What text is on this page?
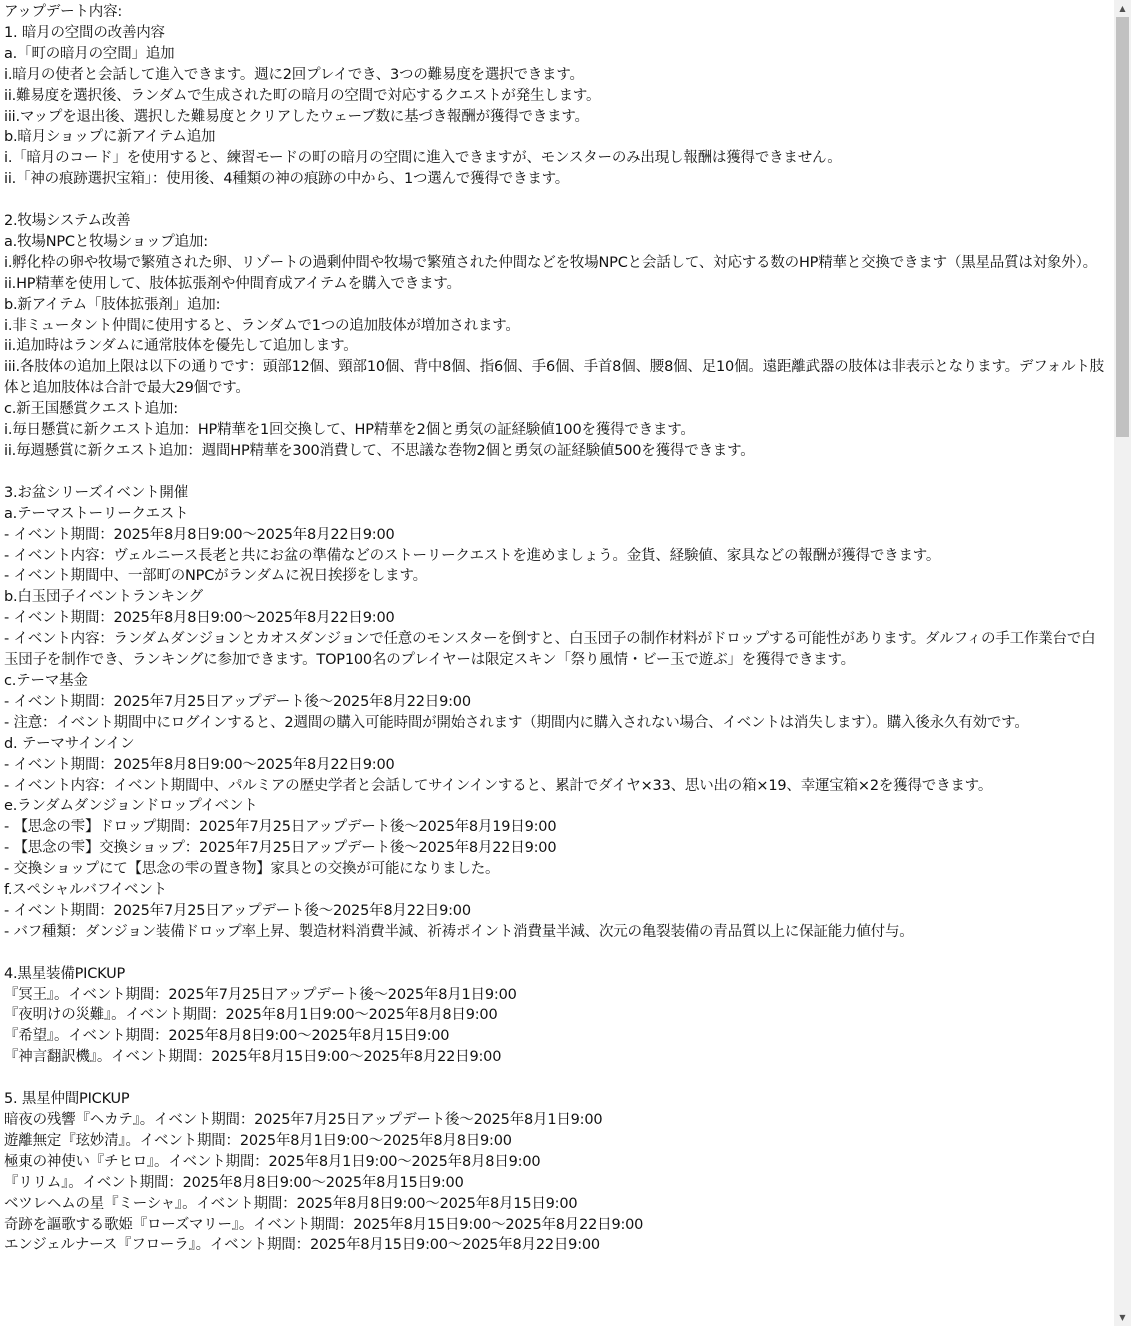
アップデート内容:
1. 暗月の空間の改善内容
a.「町の暗月の空間」追加
i.暗月の使者と会話して進入できます。週に2回プレイでき、3つの難易度を選択できます。
ii.難易度を選択後、ランダムで生成された町の暗月の空間で対応するクエストが発生します。
iii.マップを退出後、選択した難易度とクリアしたウェーブ数に基づき報酬が獲得できます。
b.暗月ショップに新アイテム追加
i.「暗月のコード」を使用すると、練習モードの町の暗月の空間に進入できますが、モンスターのみ出現し報酬は獲得できません。
ii.「神の痕跡選択宝箱」：使用後、4種類の神の痕跡の中から、1つ選んで獲得できます。
2.牧場システム改善
a.牧場NPCと牧場ショップ追加:
i.孵化枠の卵や牧場で繁殖された卵、リゾートの過剰仲間や牧場で繁殖された仲間などを牧場NPCと会話して、対応する数のHP精華と交換できます（黒星品質は対象外）。
ii.HP精華を使用して、肢体拡張剤や仲間育成アイテムを購入できます。
b.新アイテム「肢体拡張剤」追加:
i.非ミュータント仲間に使用すると、ランダムで1つの追加肢体が増加されます。
ii.追加時はランダムに通常肢体を優先して追加します。
iii.各肢体の追加上限は以下の通りです：頭部12個、頸部10個、背中8個、指6個、手6個、手首8個、腰8個、足10個。遠距離武器の肢体は非表示となります。デフォルト肢体と追加肢体は合計で最大29個です。
c.新王国懸賞クエスト追加:
i.毎日懸賞に新クエスト追加：HP精華を1回交換して、HP精華を2個と勇気の証経験値100を獲得できます。
ii.毎週懸賞に新クエスト追加：週間HP精華を300消費して、不思議な巻物2個と勇気の証経験値500を獲得できます。
3.お盆シリーズイベント開催
a.テーマストーリークエスト
- イベント期間：2025年8月8日9:00～2025年8月22日9:00
- イベント内容：ヴェルニース長老と共にお盆の準備などのストーリークエストを進めましょう。金貨、経験値、家具などの報酬が獲得できます。
- イベント期間中、一部町のNPCがランダムに祝日挨拶をします。
b.白玉団子イベントランキング
- イベント期間：2025年8月8日9:00～2025年8月22日9:00
- イベント内容：ランダムダンジョンとカオスダンジョンで任意のモンスターを倒すと、白玉団子の制作材料がドロップする可能性があります。ダルフィの手工作業台で白玉団子を制作でき、ランキングに参加できます。TOP100名のプレイヤーは限定スキン「祭り風情・ビー玉で遊ぶ」を獲得できます。
c.テーマ基金
- イベント期間：2025年7月25日アップデート後～2025年8月22日9:00
- 注意：イベント期間中にログインすると、2週間の購入可能時間が開始されます（期間内に購入されない場合、イベントは消失します）。購入後永久有効です。
d. テーマサインイン
- イベント期間：2025年8月8日9:00～2025年8月22日9:00
- イベント内容：イベント期間中、パルミアの歴史学者と会話してサインインすると、累計でダイヤ×33、思い出の箱×19、幸運宝箱×2を獲得できます。
e.ランダムダンジョンドロップイベント
- 【思念の雫】ドロップ期間：2025年7月25日アップデート後～2025年8月19日9:00
- 【思念の雫】交換ショップ：2025年7月25日アップデート後～2025年8月22日9:00
- 交換ショップにて【思念の雫の置き物】家具との交換が可能になりました。
f.スペシャルバフイベント
- イベント期間：2025年7月25日アップデート後～2025年8月22日9:00
- バフ種類：ダンジョン装備ドロップ率上昇、製造材料消費半減、祈祷ポイント消費量半減、次元の亀裂装備の青品質以上に保証能力値付与。
4.黒星装備PICKUP
『冥王』。イベント期間：2025年7月25日アップデート後～2025年8月1日9:00
『夜明けの災難』。イベント期間：2025年8月1日9:00～2025年8月8日9:00
『希望』。イベント期間：2025年8月8日9:00～2025年8月15日9:00
『神言翻訳機』。イベント期間：2025年8月15日9:00～2025年8月22日9:00
5. 黒星仲間PICKUP
暗夜の残響『ヘカテ』。イベント期間：2025年7月25日アップデート後～2025年8月1日9:00
遊離無定『玹妙清』。イベント期間：2025年8月1日9:00～2025年8月8日9:00
極東の神使い『チヒロ』。イベント期間：2025年8月1日9:00～2025年8月8日9:00
『リリム』。イベント期間：2025年8月8日9:00～2025年8月15日9:00
ベツレヘムの星『ミーシャ』。イベント期間：2025年8月8日9:00～2025年8月15日9:00
奇跡を謳歌する歌姫『ローズマリー』。イベント期間：2025年8月15日9:00～2025年8月22日9:00
エンジェルナース『フローラ』。イベント期間：2025年8月15日9:00～2025年8月22日9:00
▲
▼
